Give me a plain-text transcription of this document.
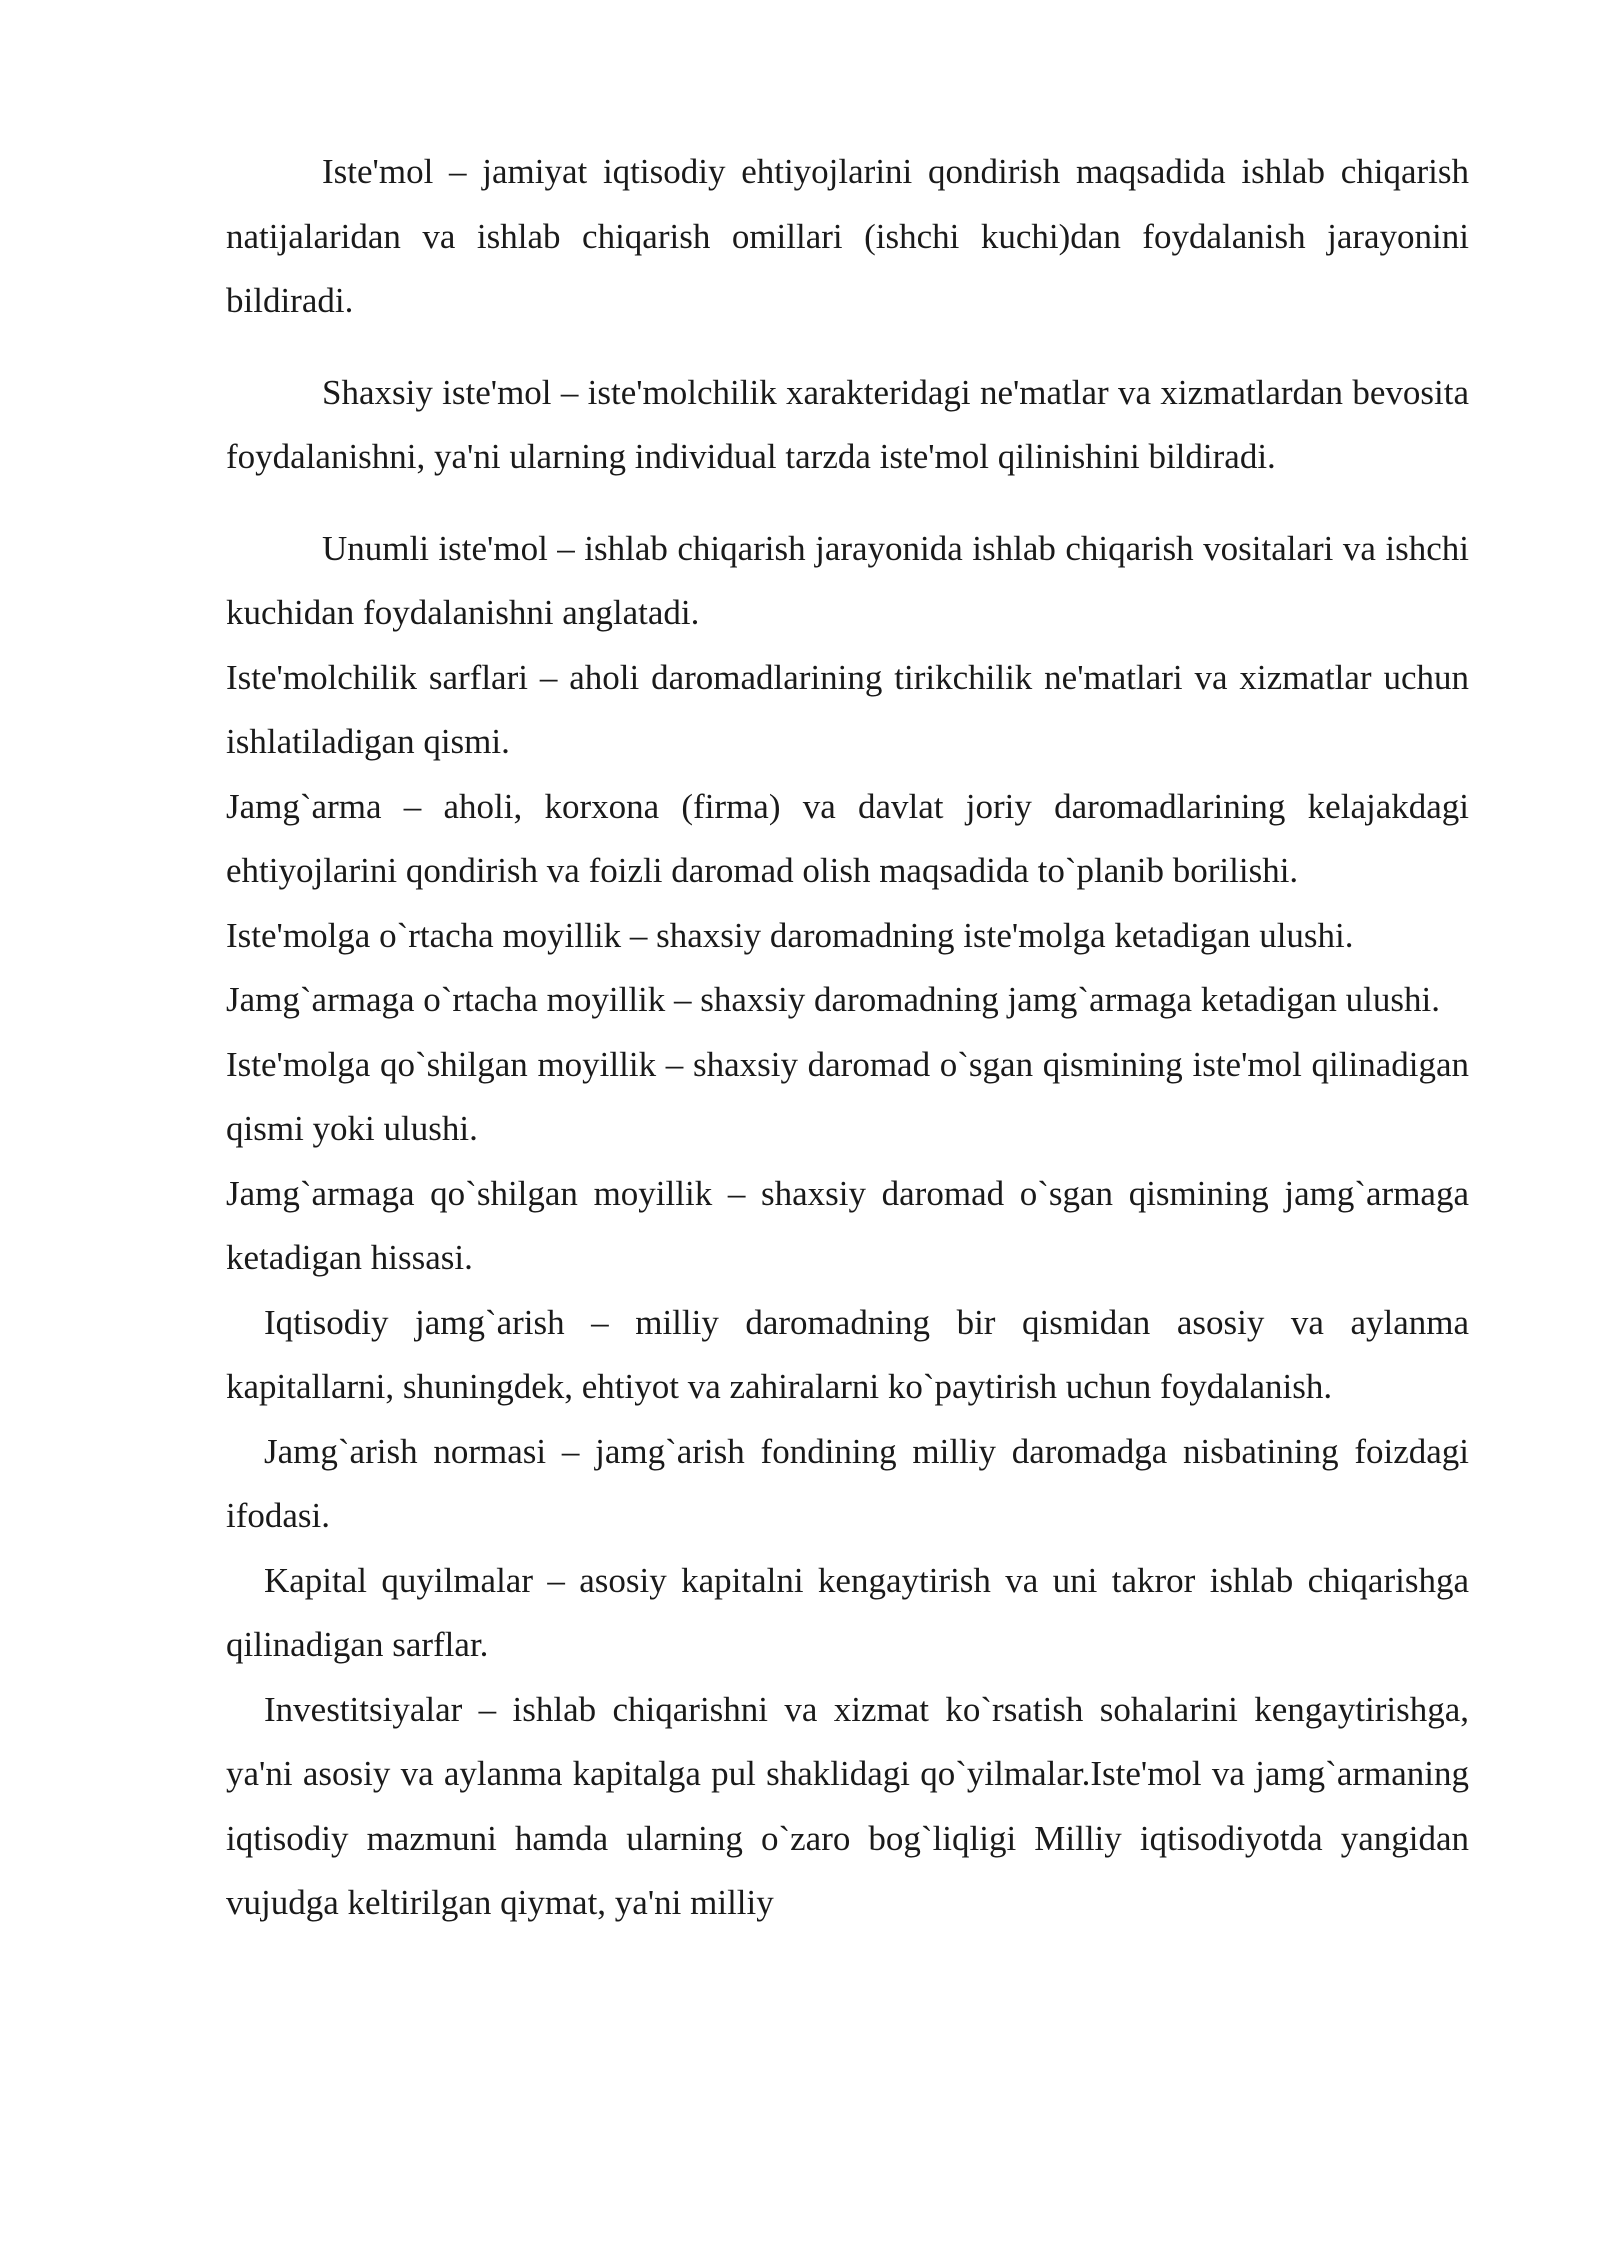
Iste'mol – jamiyat iqtisodiy ehtiyojlarini qondirish maqsadida ishlab chiqarish natijalaridan va ishlab chiqarish omillari (ishchi kuchi)dan foydalanish jarayonini bildiradi.

Shaxsiy iste'mol – iste'molchilik xarakteridagi ne'matlar va xizmatlardan bevosita foydalanishni, ya'ni ularning individual tarzda iste'mol qilinishini bildiradi.

Unumli iste'mol – ishlab chiqarish jarayonida ishlab chiqarish vositalari va ishchi kuchidan foydalanishni anglatadi.

Iste'molchilik sarflari – aholi daromadlarining tirikchilik ne'matlari va xizmatlar uchun ishlatiladigan qismi.

Jamg`arma – aholi, korxona (firma) va davlat joriy daromadlarining kelajakdagi ehtiyojlarini qondirish va foizli daromad olish maqsadida to`planib borilishi.

Iste'molga o`rtacha moyillik – shaxsiy daromadning iste'molga ketadigan ulushi.

Jamg`armaga o`rtacha moyillik – shaxsiy daromadning jamg`armaga ketadigan ulushi.

Iste'molga qo`shilgan moyillik – shaxsiy daromad o`sgan qismining iste'mol qilinadigan qismi yoki ulushi.

Jamg`armaga qo`shilgan moyillik – shaxsiy daromad o`sgan qismining jamg`armaga ketadigan hissasi.

Iqtisodiy jamg`arish – milliy daromadning bir qismidan asosiy va aylanma kapitallarni, shuningdek, ehtiyot va zahiralarni ko`paytirish uchun foydalanish.

Jamg`arish normasi – jamg`arish fondining milliy daromadga nisbatining foizdagi ifodasi.

Kapital quyilmalar – asosiy kapitalni kengaytirish va uni takror ishlab chiqarishga qilinadigan sarflar.

Investitsiyalar – ishlab chiqarishni va xizmat ko`rsatish sohalarini kengaytirishga, ya'ni asosiy va aylanma kapitalga pul shaklidagi qo`yilmalar.Iste'mol va jamg`armaning iqtisodiy mazmuni hamda ularning o`zaro bog`liqligi Milliy iqtisodiyotda yangidan vujudga keltirilgan qiymat, ya'ni milliy
